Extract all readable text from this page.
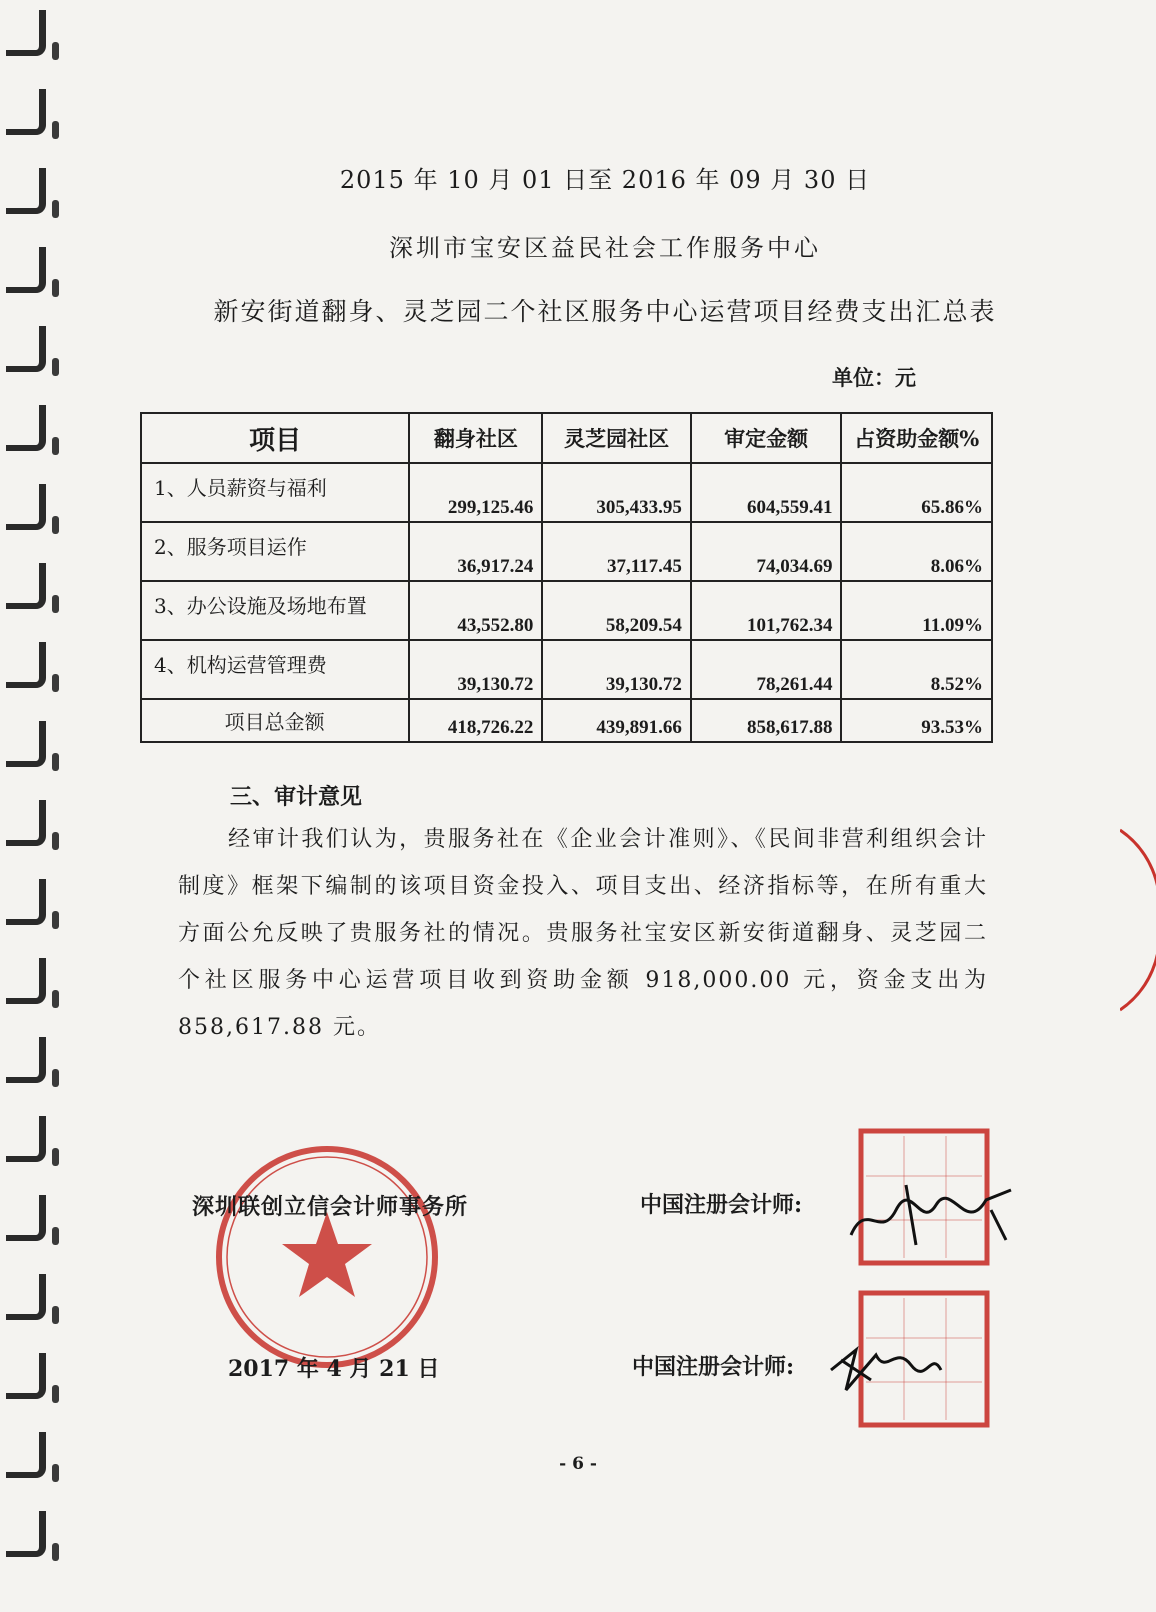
2015 年 10 月 01 日至 2016 年 09 月 30 日
深圳市宝安区益民社会工作服务中心
新安街道翻身、灵芝园二个社区服务中心运营项目经费支出汇总表
单位：元
项目	翻身社区	灵芝园社区	审定金额	占资助金额%
1、人员薪资与福利	299,125.46	305,433.95	604,559.41	65.86%
2、服务项目运作	36,917.24	37,117.45	74,034.69	8.06%
3、办公设施及场地布置	43,552.80	58,209.54	101,762.34	11.09%
4、机构运营管理费	39,130.72	39,130.72	78,261.44	8.52%
项目总金额	418,726.22	439,891.66	858,617.88	93.53%
三、审计意见
经审计我们认为，贵服务社在《企业会计准则》、《民间非营利组织会计制度》框架下编制的该项目资金投入、项目支出、经济指标等，在所有重大方面公允反映了贵服务社的情况。贵服务社宝安区新安街道翻身、灵芝园二个社区服务中心运营项目收到资助金额 918,000.00 元，资金支出为 858,617.88 元。
深圳联创立信会计师事务所
2017 年 4 月 21 日
中国注册会计师:
中国注册会计师:
- 6 -
